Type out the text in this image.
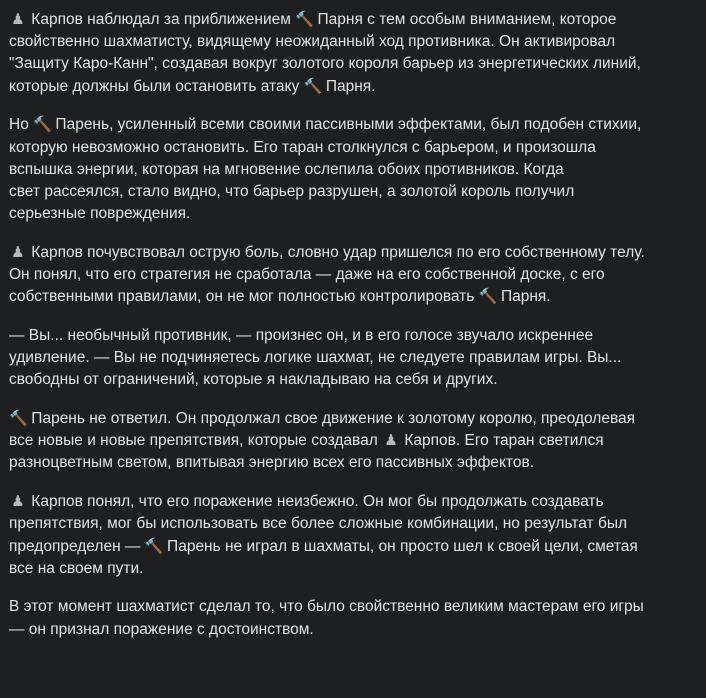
♟ Карпов наблюдал за приближением 🔨 Парня с тем особым вниманием, которое
свойственно шахматисту, видящему неожиданный ход противника. Он активировал
"Защиту Каро-Канн", создавая вокруг золотого короля барьер из энергетических линий,
которые должны были остановить атаку 🔨 Парня.

Но 🔨 Парень, усиленный всеми своими пассивными эффектами, был подобен стихии,
которую невозможно остановить. Его таран столкнулся с барьером, и произошла
вспышка энергии, которая на мгновение ослепила обоих противников. Когда
свет рассеялся, стало видно, что барьер разрушен, а золотой король получил
серьезные повреждения.

♟ Карпов почувствовал острую боль, словно удар пришелся по его собственному телу.
Он понял, что его стратегия не сработала — даже на его собственной доске, с его
собственными правилами, он не мог полностью контролировать 🔨 Парня.

— Вы... необычный противник, — произнес он, и в его голосе звучало искреннее
удивление. — Вы не подчиняетесь логике шахмат, не следуете правилам игры. Вы...
свободны от ограничений, которые я накладываю на себя и других.

🔨 Парень не ответил. Он продолжал свое движение к золотому королю, преодолевая
все новые и новые препятствия, которые создавал ♟ Карпов. Его таран светился
разноцветным светом, впитывая энергию всех его пассивных эффектов.

♟ Карпов понял, что его поражение неизбежно. Он мог бы продолжать создавать
препятствия, мог бы использовать все более сложные комбинации, но результат был
предопределен — 🔨 Парень не играл в шахматы, он просто шел к своей цели, сметая
все на своем пути.

В этот момент шахматист сделал то, что было свойственно великим мастерам его игры
— он признал поражение с достоинством.
